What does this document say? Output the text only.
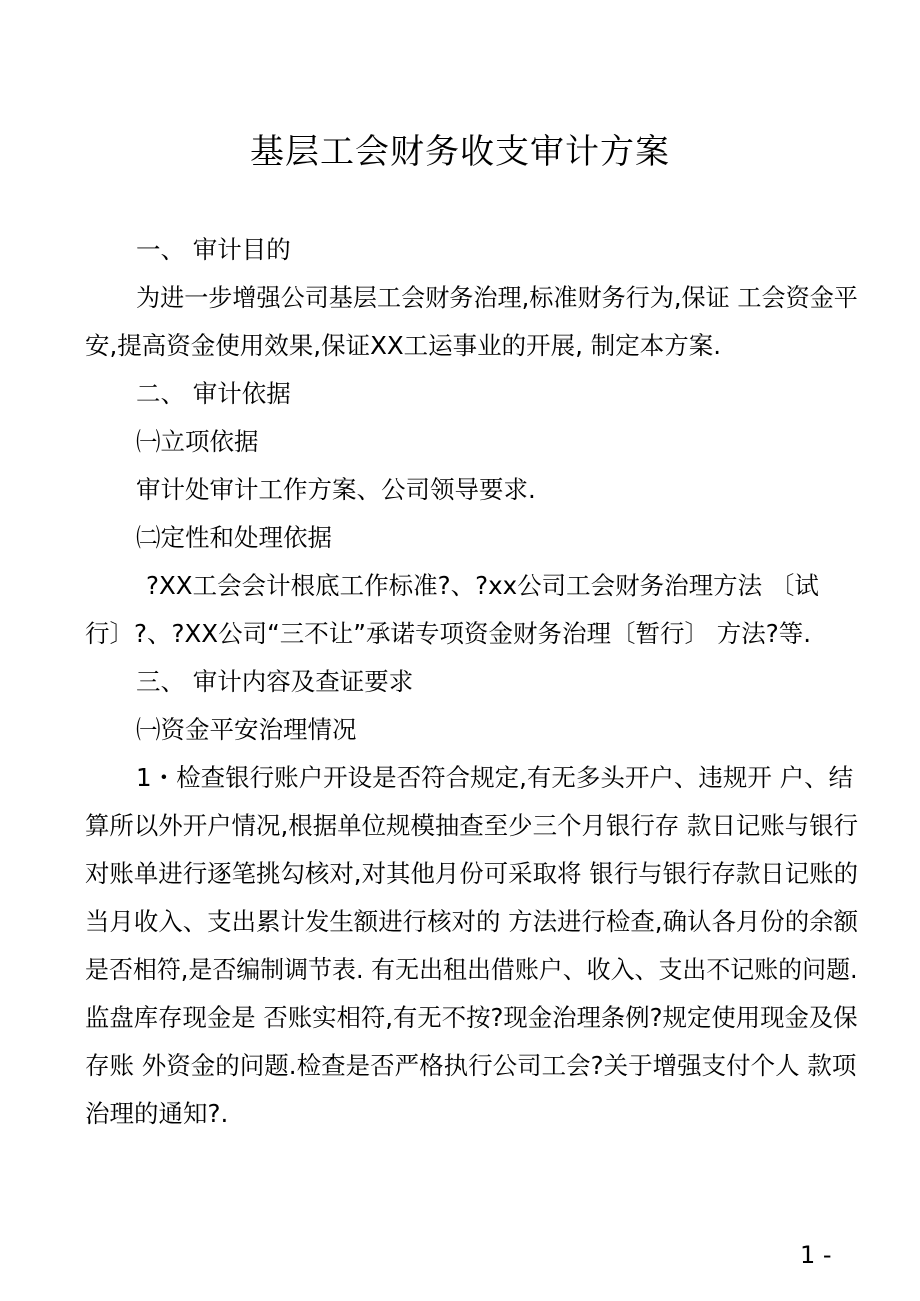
基层工会财务收支审计方案
一、 审计目的
为进一步增强公司基层工会财务治理,标准财务行为,保证 工会资金平
安,提高资金使用效果,保证XX工运事业的开展, 制定本方案.
二、 审计依据
㈠立项依据
审计处审计工作方案、公司领导要求.
㈡定性和处理依据
?XX工会会计根底工作标准?、?xx公司工会财务治理方法 〔试
行〕?、?XX公司“三不让”承诺专项资金财务治理〔暂行〕 方法?等.
三、 审计内容及查证要求
㈠资金平安治理情况
1・检查银行账户开设是否符合规定,有无多头开户、违规开 户、结
算所以外开户情况,根据单位规模抽查至少三个月银行存 款日记账与银行
对账单进行逐笔挑勾核对,对其他月份可采取将 银行与银行存款日记账的
当月收入、支出累计发生额进行核对的 方法进行检查,确认各月份的余额
是否相符,是否编制调节表. 有无出租出借账户、收入、支出不记账的问题.
监盘库存现金是 否账实相符,有无不按?现金治理条例?规定使用现金及保
存账 外资金的问题.检查是否严格执行公司工会?关于增强支付个人 款项
治理的通知?.
1 -
